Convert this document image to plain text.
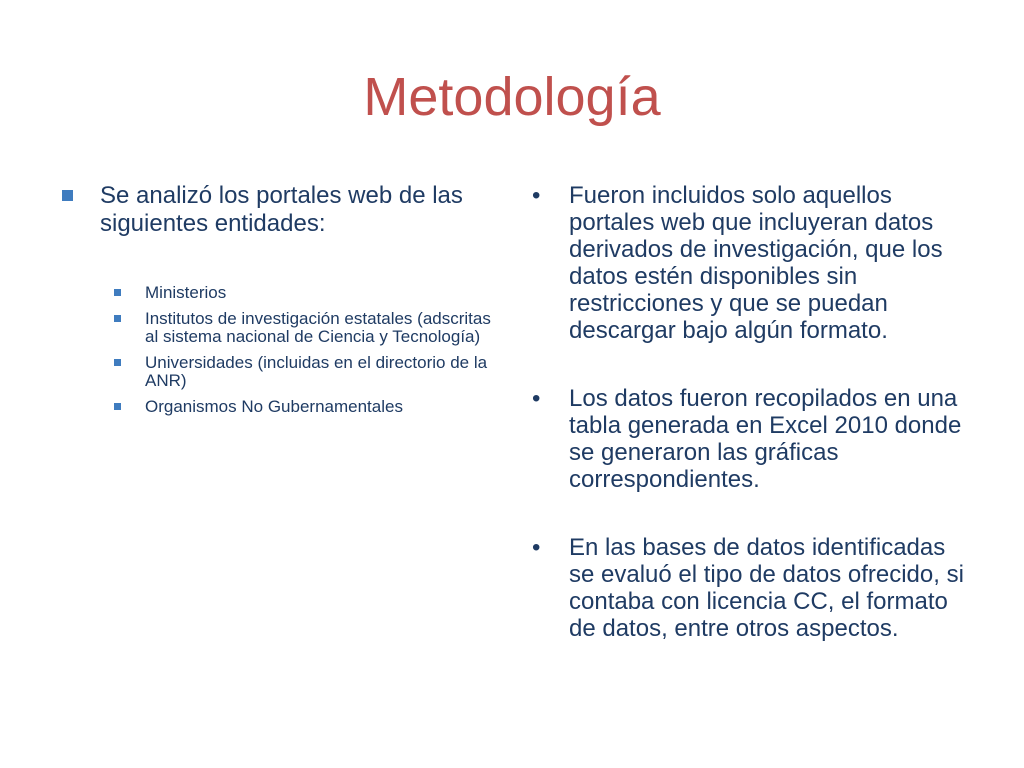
Metodología
Se analizó los portales web de las siguientes entidades:
Ministerios
Institutos de investigación estatales (adscritas al sistema nacional de Ciencia y Tecnología)
Universidades (incluidas en el directorio de la ANR)
Organismos No Gubernamentales
• Fueron incluidos solo aquellos portales web que incluyeran datos derivados de investigación, que los datos estén disponibles sin restricciones y que se puedan descargar bajo algún formato.
• Los datos fueron recopilados en una tabla generada en Excel 2010 donde se generaron las gráficas correspondientes.
• En las bases de datos identificadas se evaluó el tipo de datos ofrecido, si contaba con licencia CC, el formato de datos, entre otros aspectos.
